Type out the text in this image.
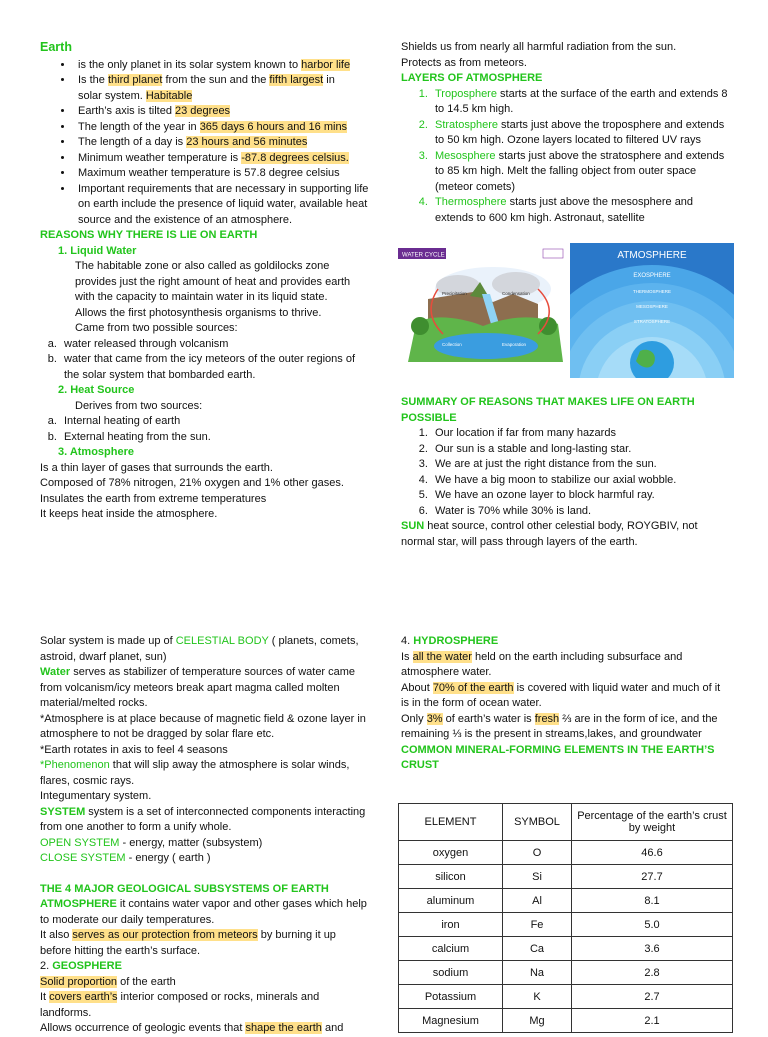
Earth

• is the only planet in its solar system known to harbor life
• Is the third planet from the sun and the fifth largest in
solar system. Habitable
• Earth’s axis is tilted 23 degrees
• The length of the year in 365 days 6 hours and 16 mins
• The length of a day is 23 hours and 56 minutes
• Minimum weather temperature is -87.8 degrees celsius.
• Maximum weather temperature is 57.8 degree celsius
• Important requirements that are necessary in supporting life on earth include the presence of liquid water, available heat source and the existence of an atmosphere.

REASONS WHY THERE IS LIE ON EARTH

1. Liquid Water

The habitable zone or also called as goldilocks zone provides just the right amount of heat and provides earth with the capacity to maintain water in its liquid state.

Allows the first photosynthesis organisms to thrive.

Came from two possible sources:

a. water released through volcanism
b. water that came from the icy meteors of the outer regions of the solar system that bombarded earth.

2. Heat Source

Derives from two sources:

a. Internal heating of earth
b. External heating from the sun.

3. Atmosphere

Is a thin layer of gases that surrounds the earth.

Composed of 78% nitrogen, 21% oxygen and 1% other gases.

Insulates the earth from extreme temperatures

It keeps heat inside the atmosphere.

Shields us from nearly all harmful radiation from the sun.

Protects as from meteors.

LAYERS OF ATMOSPHERE

1. Troposphere starts at the surface of the earth and extends 8 to 14.5 km high.
2. Stratosphere starts just above the troposphere and extends to 50 km high. Ozone layers located to filtered UV rays
3. Mesosphere starts just above the stratosphere and extends to 85 km high. Melt the falling object from outer space (meteor comets)
4. Thermosphere starts just above the mesosphere and extends to 600 km high. Astronaut, satellite
WATER CYCLE
Precipitation	Condensation
Collection	Evaporation
ATMOSPHERE
EXOSPHERE
THERMOSPHERE
MESOSPHERE
STRATOSPHERE

SUMMARY OF REASONS THAT MAKES LIFE ON EARTH POSSIBLE

1. Our location if far from many hazards
2. Our sun is a stable and long-lasting star.
3. We are at just the right distance from the sun.
4. We have a big moon to stabilize our axial wobble.
5. We have an ozone layer to block harmful ray.
6. Water is 70% while 30% is land.

SUN heat source, control other celestial body, ROYGBIV, not normal star, will pass through layers of the earth.

Solar system is made up of CELESTIAL BODY ( planets, comets, astroid, dwarf planet, sun)

Water serves as stabilizer of temperature sources of water came from volcanism/icy meteors break apart magma called molten material/melted rocks.

*Atmosphere is at place because of magnetic field & ozone layer in atmosphere to not be dragged by solar flare etc.

*Earth rotates in axis to feel 4 seasons

*Phenomenon that will slip away the atmosphere is solar winds, flares, cosmic rays.

Integumentary system.

SYSTEM system is a set of interconnected components interacting from one another to form a unify whole.

OPEN SYSTEM - energy, matter (subsystem)

CLOSE SYSTEM - energy ( earth )

THE 4 MAJOR GEOLOGICAL SUBSYSTEMS OF EARTH

ATMOSPHERE it contains water vapor and other gases which help to moderate our daily temperatures.

It also serves as our protection from meteors by burning it up before hitting the earth’s surface.

2. GEOSPHERE

Solid proportion of the earth

It covers earth’s interior composed or rocks, minerals and landforms.

Allows occurrence of geologic events that shape the earth and

4. HYDROSPHERE

Is all the water held on the earth including subsurface and atmosphere water.

About 70% of the earth is covered with liquid water and much of it is in the form of ocean water.

Only 3% of earth’s water is fresh ⅔ are in the form of ice, and the remaining ⅓ is the present in streams,lakes, and groundwater

COMMON MINERAL-FORMING ELEMENTS IN THE EARTH’S CRUST

ELEMENT	SYMBOL	Percentage of the earth’s crust by weight
oxygen	O	46.6
silicon	Si	27.7
aluminum	Al	8.1
iron	Fe	5.0
calcium	Ca	3.6
sodium	Na	2.8
Potassium	K	2.7
Magnesium	Mg	2.1
